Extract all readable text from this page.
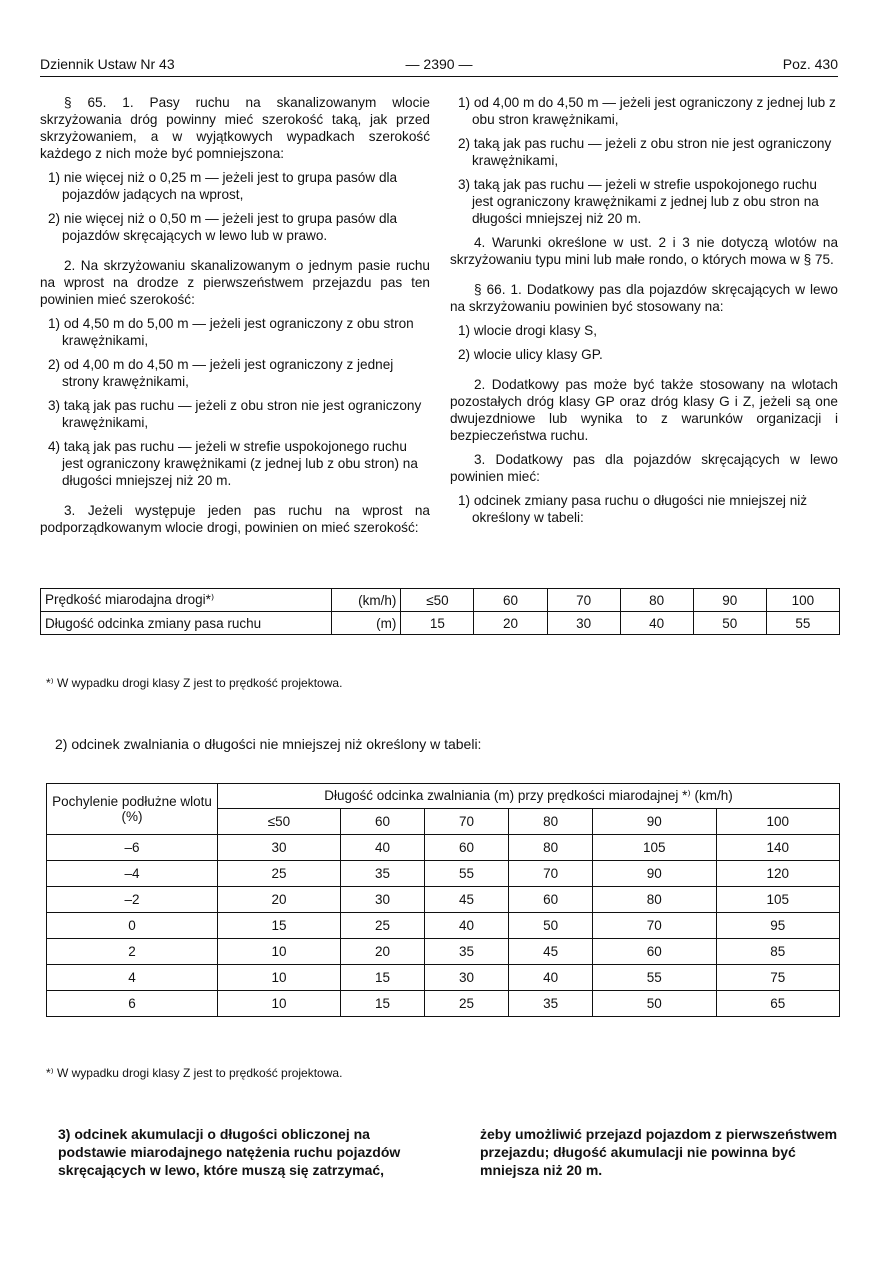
Dziennik Ustaw Nr 43	— 2390 —	Poz. 430

§ 65. 1. Pasy ruchu na skanalizowanym wlocie skrzyżowania dróg powinny mieć szerokość taką, jak przed skrzyżowaniem, a w wyjątkowych wypadkach szerokość każdego z nich może być pomniejszona:

1) nie więcej niż o 0,25 m — jeżeli jest to grupa pasów dla pojazdów jadących na wprost,
2) nie więcej niż o 0,50 m — jeżeli jest to grupa pasów dla pojazdów skręcających w lewo lub w prawo.

2. Na skrzyżowaniu skanalizowanym o jednym pasie ruchu na wprost na drodze z pierwszeństwem przejazdu pas ten powinien mieć szerokość:

1) od 4,50 m do 5,00 m — jeżeli jest ograniczony z obu stron krawężnikami,
2) od 4,00 m do 4,50 m — jeżeli jest ograniczony z jednej strony krawężnikami,
3) taką jak pas ruchu — jeżeli z obu stron nie jest ograniczony krawężnikami,
4) taką jak pas ruchu — jeżeli w strefie uspokojonego ruchu jest ograniczony krawężnikami (z jednej lub z obu stron) na długości mniejszej niż 20 m.

3. Jeżeli występuje jeden pas ruchu na wprost na podporządkowanym wlocie drogi, powinien on mieć szerokość:

1) od 4,00 m do 4,50 m — jeżeli jest ograniczony z jednej lub z obu stron krawężnikami,
2) taką jak pas ruchu — jeżeli z obu stron nie jest ograniczony krawężnikami,
3) taką jak pas ruchu — jeżeli w strefie uspokojonego ruchu jest ograniczony krawężnikami z jednej lub z obu stron na długości mniejszej niż 20 m.

4. Warunki określone w ust. 2 i 3 nie dotyczą wlotów na skrzyżowaniu typu mini lub małe rondo, o których mowa w § 75.

§ 66. 1. Dodatkowy pas dla pojazdów skręcających w lewo na skrzyżowaniu powinien być stosowany na:

1) wlocie drogi klasy S,
2) wlocie ulicy klasy GP.

2. Dodatkowy pas może być także stosowany na wlotach pozostałych dróg klasy GP oraz dróg klasy G i Z, jeżeli są one dwujezdniowe lub wynika to z warunków organizacji i bezpieczeństwa ruchu.

3. Dodatkowy pas dla pojazdów skręcających w lewo powinien mieć:

1) odcinek zmiany pasa ruchu o długości nie mniejszej niż określony w tabeli:
Prędkość miarodajna drogi*⁾	(km/h)	≤50	60	70	80	90	100
Długość odcinka zmiany pasa ruchu	(m)	15	20	30	40	50	55
*⁾ W wypadku drogi klasy Z jest to prędkość projektowa.
2) odcinek zwalniania o długości nie mniejszej niż określony w tabeli:
Pochylenie podłużne wlotu (%)	Długość odcinka zwalniania (m) przy prędkości miarodajnej *⁾ (km/h)					
	≤50	60	70	80	90	100
–6	30	40	60	80	105	140
–4	25	35	55	70	90	120
–2	20	30	45	60	80	105
0	15	25	40	50	70	95
2	10	20	35	45	60	85
4	10	15	30	40	55	75
6	10	15	25	35	50	65
*⁾ W wypadku drogi klasy Z jest to prędkość projektowa.
3) odcinek akumulacji o długości obliczonej na podstawie miarodajnego natężenia ruchu pojazdów skręcających w lewo, które muszą się zatrzymać,
żeby umożliwić przejazd pojazdom z pierwszeństwem przejazdu; długość akumulacji nie powinna być mniejsza niż 20 m.
